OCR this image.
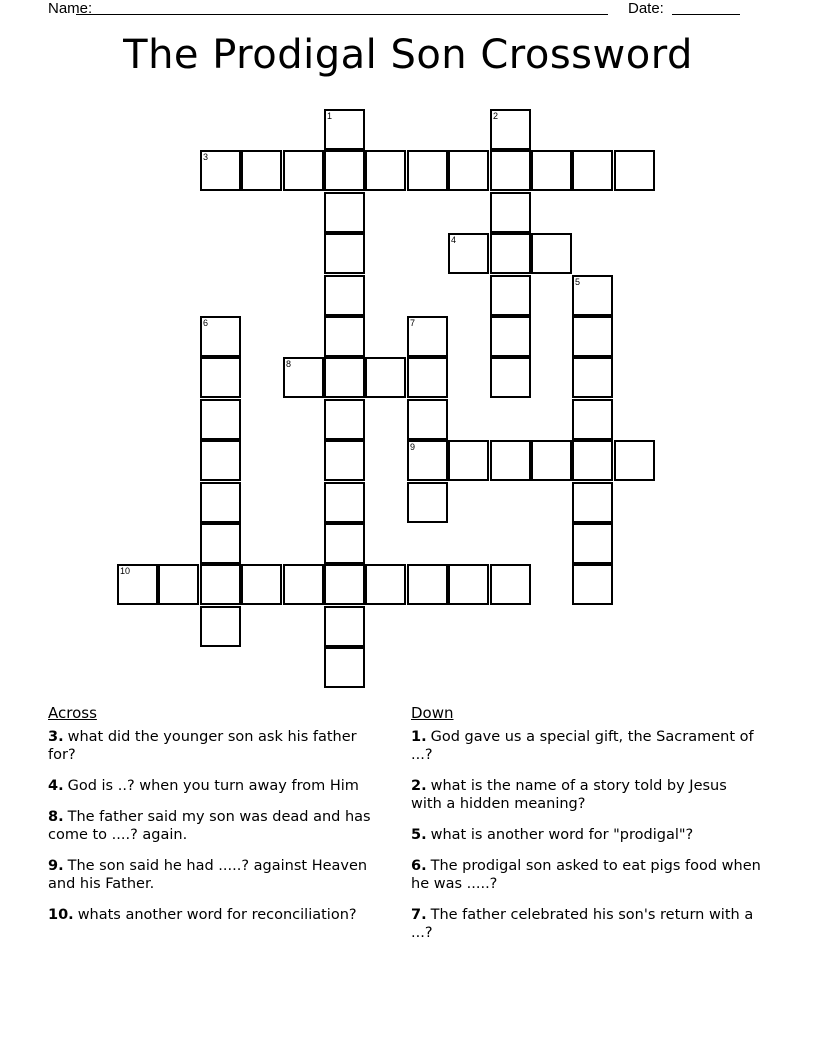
Name:	Date:
The Prodigal Son Crossword
1	2
3
4
5
6	7
8
9
10
Across
3. what did the younger son ask his father for?
4. God is ..? when you turn away from Him
8. The father said my son was dead and has come to ....? again.
9. The son said he had .....? against Heaven and his Father.
10. whats another word for reconciliation?
Down
1. God gave us a special gift, the Sacrament of ...?
2. what is the name of a story told by Jesus with a hidden meaning?
5. what is another word for "prodigal"?
6. The prodigal son asked to eat pigs food when he was .....?
7. The father celebrated his son's return with a ...?
